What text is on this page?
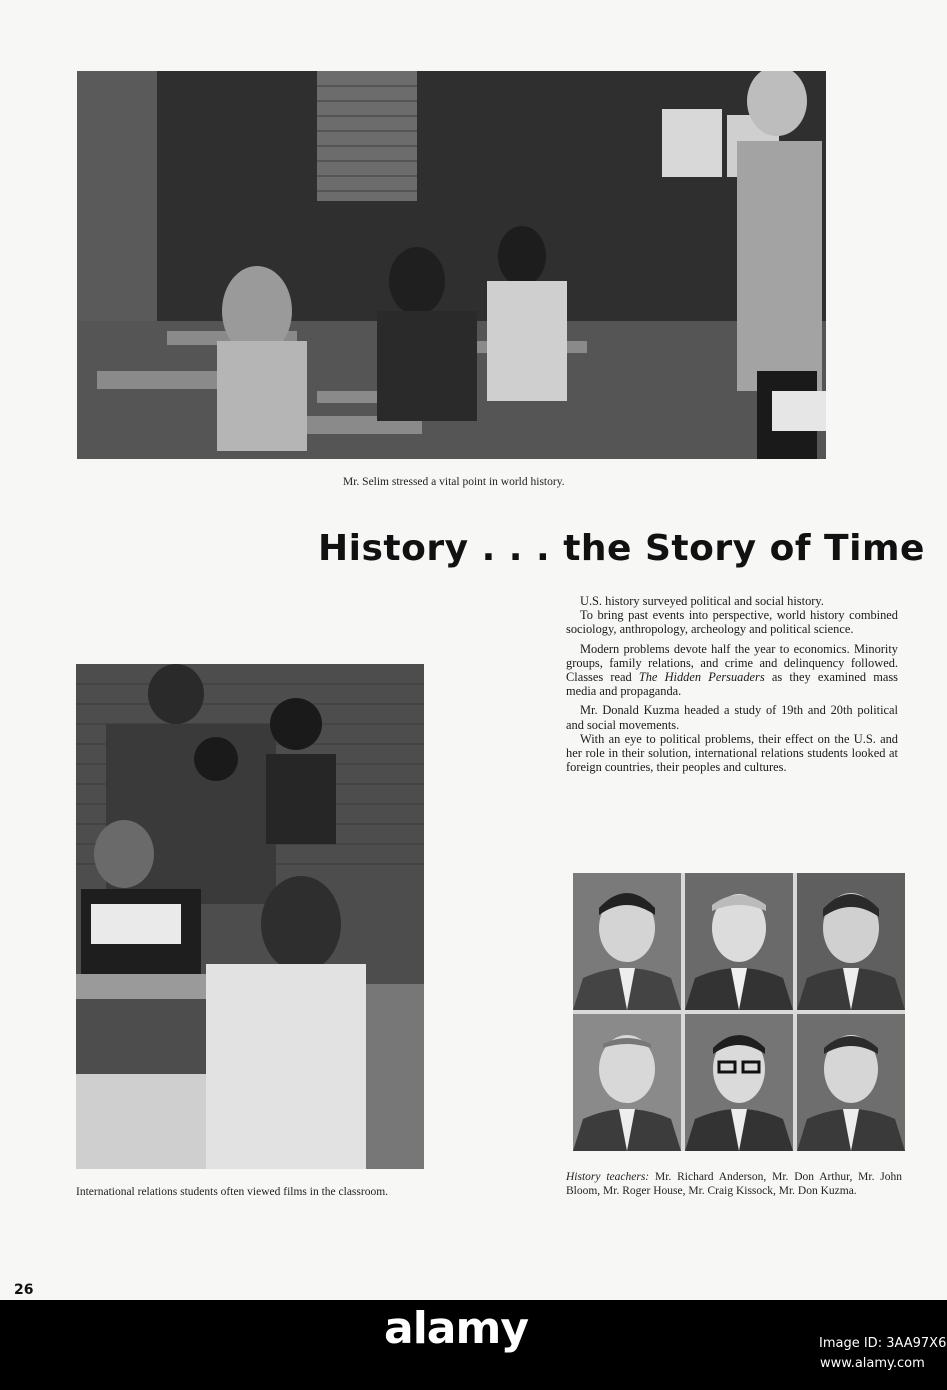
Mr. Selim stressed a vital point in world history.
History . . . the Story of Time
International relations students often viewed films in the classroom.

U.S. history surveyed political and social history.

To bring past events into perspective, world history combined sociology, anthropology, archeology and political science.

Modern problems devote half the year to economics. Minority groups, family relations, and crime and delinquency followed. Classes read The Hidden Persuaders as they examined mass media and propaganda.

Mr. Donald Kuzma headed a study of 19th and 20th political and social movements.

With an eye to political problems, their effect on the U.S. and her role in their solution, international relations students looked at foreign countries, their peoples and cultures.

History teachers: Mr. Richard Anderson, Mr. Don Arthur, Mr. John Bloom, Mr. Roger House, Mr. Craig Kissock, Mr. Don Kuzma.
26
alamy	Image ID: 3AA97X6
www.alamy.com
